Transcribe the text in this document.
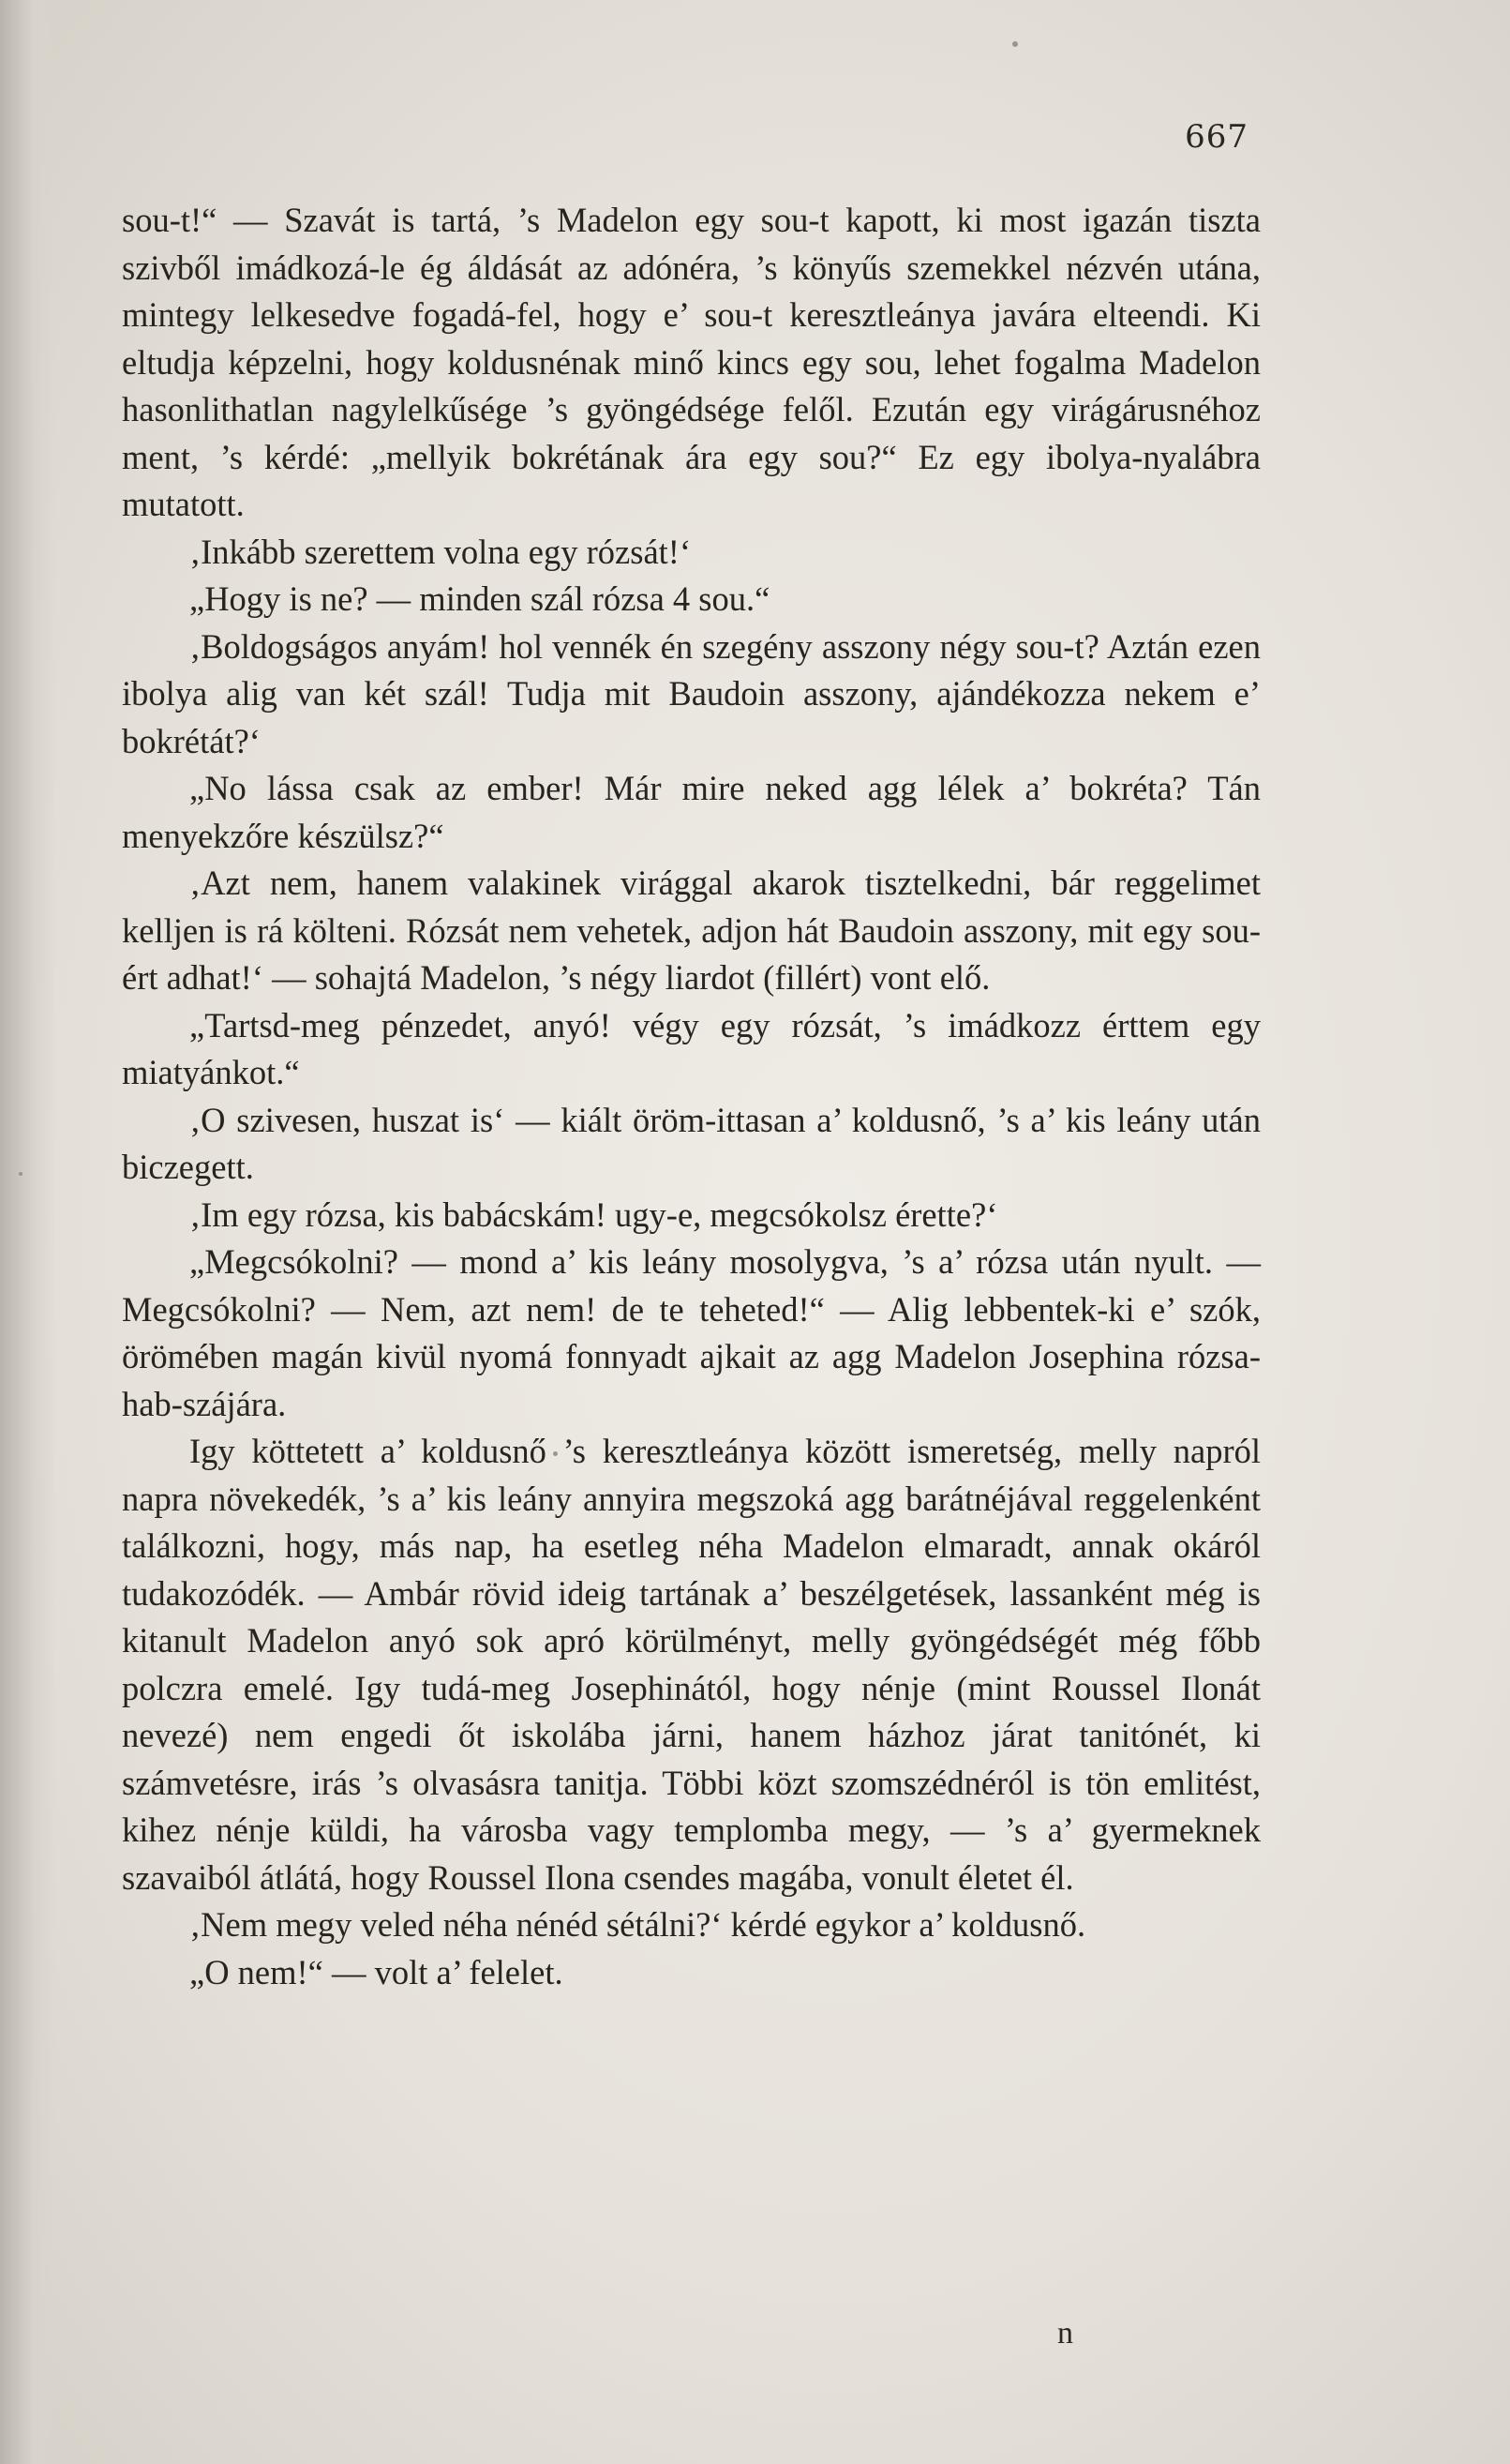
667

sou-t!“ — Szavát is tartá, ’s Madelon egy sou-t kapott, ki most igazán tiszta szivből imádkozá-le ég áldását az adónéra, ’s könyűs szemekkel nézvén utána, mintegy lelkesedve fogadá-fel, hogy e’ sou-t keresztleánya javára elteendi. Ki eltudja képzelni, hogy koldusnénak minő kincs egy sou, lehet fogalma Madelon hasonlithatlan nagylelkűsége ’s gyöngédsége felől. Ezután egy virágárusnéhoz ment, ’s kérdé: „mellyik bokrétának ára egy sou?“ Ez egy ibolya-nyalábra mutatott.

‚Inkább szerettem volna egy rózsát!‘

„Hogy is ne? — minden szál rózsa 4 sou.“

‚Boldogságos anyám! hol vennék én szegény asszony négy sou-t? Aztán ezen ibolya alig van két szál! Tudja mit Baudoin asszony, ajándékozza nekem e’ bokrétát?‘

„No lássa csak az ember! Már mire neked agg lélek a’ bokréta? Tán menyekzőre készülsz?“

‚Azt nem, hanem valakinek virággal akarok tisztelkedni, bár reggelimet kelljen is rá költeni. Rózsát nem vehetek, adjon hát Baudoin asszony, mit egy sou-ért adhat!‘ — sohajtá Madelon, ’s négy liardot (fillért) vont elő.

„Tartsd-meg pénzedet, anyó! végy egy rózsát, ’s imádkozz érttem egy miatyánkot.“

‚O szivesen, huszat is‘ — kiált öröm-ittasan a’ koldusnő, ’s a’ kis leány után biczegett.

‚Im egy rózsa, kis babácskám! ugy-e, megcsókolsz érette?‘

„Megcsókolni? — mond a’ kis leány mosolygva, ’s a’ rózsa után nyult. — Megcsókolni? — Nem, azt nem! de te teheted!“ — Alig lebbentek-ki e’ szók, örömében magán kivül nyomá fonnyadt ajkait az agg Madelon Josephina rózsa-hab-szájára.

Igy köttetett a’ koldusnő ’s keresztleánya között ismeretség, melly napról napra növekedék, ’s a’ kis leány annyira megszoká agg barátnéjával reggelenként találkozni, hogy, más nap, ha esetleg néha Madelon elmaradt, annak okáról tudakozódék. — Ambár rövid ideig tartának a’ beszélgetések, lassanként még is kitanult Madelon anyó sok apró körülményt, melly gyöngédségét még főbb polczra emelé. Igy tudá-meg Josephinától, hogy nénje (mint Roussel Ilonát nevezé) nem engedi őt iskolába járni, hanem házhoz járat tanitónét, ki számvetésre, irás ’s olvasásra tanitja. Többi közt szomszédnéról is tön emlitést, kihez nénje küldi, ha városba vagy templomba megy, — ’s a’ gyermeknek szavaiból átlátá, hogy Roussel Ilona csendes magába, vonult életet él.

‚Nem megy veled néha nénéd sétálni?‘ kérdé egykor a’ koldusnő.

„O nem!“ — volt a’ felelet.

n
